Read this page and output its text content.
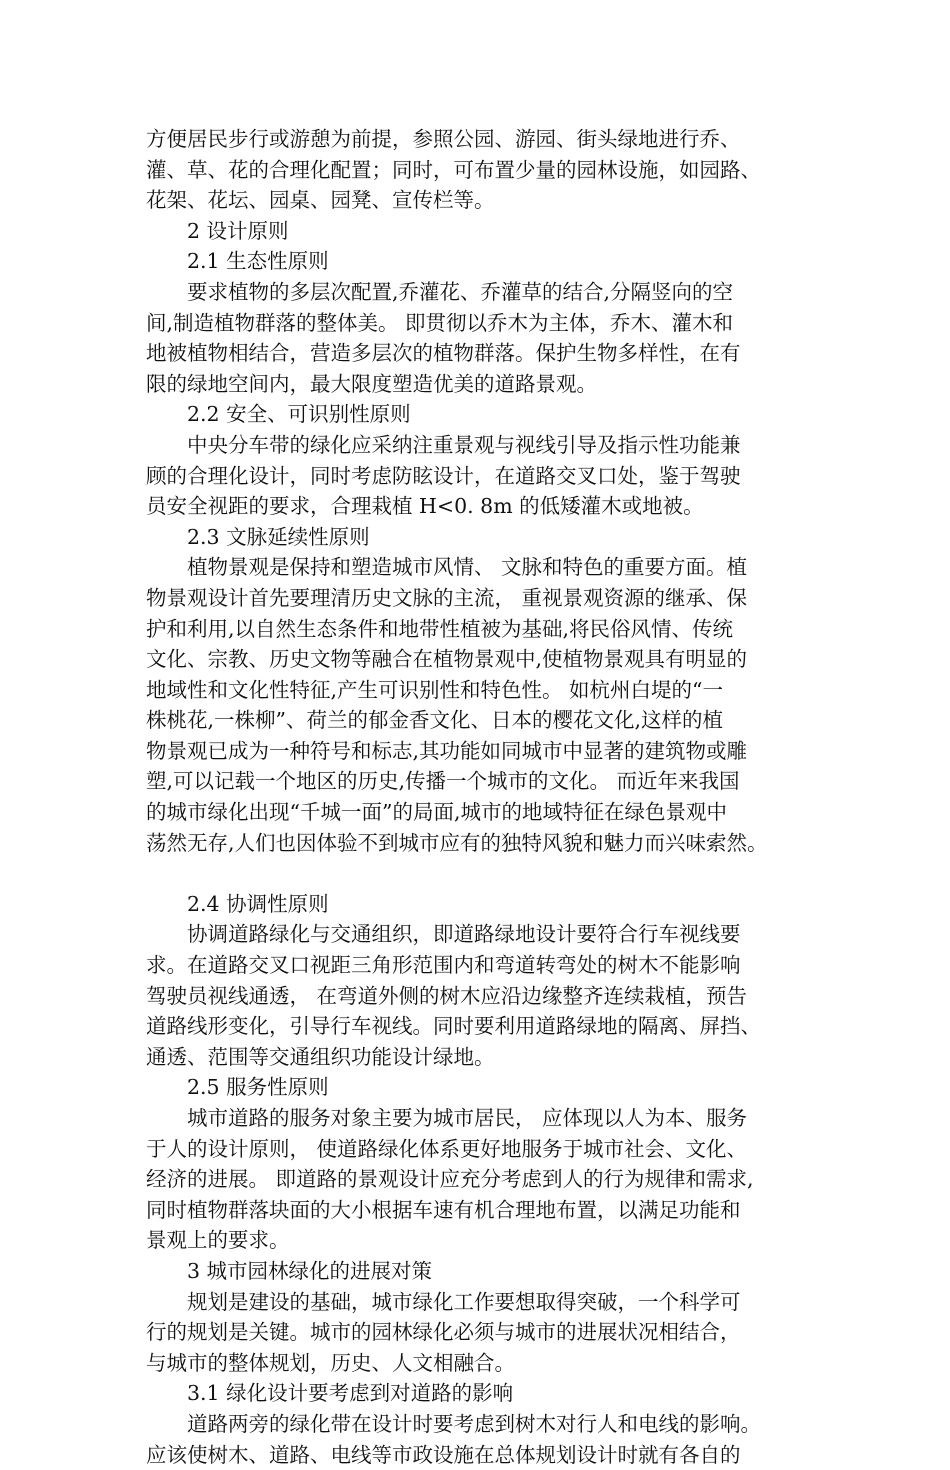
方便居民步行或游憩为前提，参照公园、游园、街头绿地进行乔、
灌、草、花的合理化配置；同时，可布置少量的园林设施，如园路、
花架、花坛、园桌、园凳、宣传栏等。
2 设计原则
2.1 生态性原则
要求植物的多层次配置,乔灌花、乔灌草的结合,分隔竖向的空
间,制造植物群落的整体美。 即贯彻以乔木为主体，乔木、灌木和
地被植物相结合，营造多层次的植物群落。保护生物多样性，在有
限的绿地空间内，最大限度塑造优美的道路景观。
2.2 安全、可识别性原则
中央分车带的绿化应采纳注重景观与视线引导及指示性功能兼
顾的合理化设计，同时考虑防眩设计，在道路交叉口处，鉴于驾驶
员安全视距的要求，合理栽植 H<0. 8m 的低矮灌木或地被。
2.3 文脉延续性原则
植物景观是保持和塑造城市风情、 文脉和特色的重要方面。植
物景观设计首先要理清历史文脉的主流， 重视景观资源的继承、保
护和利用,以自然生态条件和地带性植被为基础,将民俗风情、传统
文化、宗教、历史文物等融合在植物景观中,使植物景观具有明显的
地域性和文化性特征,产生可识别性和特色性。 如杭州白堤的“一
株桃花,一株柳”、荷兰的郁金香文化、日本的樱花文化,这样的植
物景观已成为一种符号和标志,其功能如同城市中显著的建筑物或雕
塑,可以记载一个地区的历史,传播一个城市的文化。 而近年来我国
的城市绿化出现“千城一面”的局面,城市的地域特征在绿色景观中
荡然无存,人们也因体验不到城市应有的独特风貌和魅力而兴味索然。
2.4 协调性原则
协调道路绿化与交通组织，即道路绿地设计要符合行车视线要
求。在道路交叉口视距三角形范围内和弯道转弯处的树木不能影响
驾驶员视线通透， 在弯道外侧的树木应沿边缘整齐连续栽植，预告
道路线形变化，引导行车视线。同时要利用道路绿地的隔离、屏挡、
通透、范围等交通组织功能设计绿地。
2.5 服务性原则
城市道路的服务对象主要为城市居民， 应体现以人为本、服务
于人的设计原则， 使道路绿化体系更好地服务于城市社会、文化、
经济的进展。 即道路的景观设计应充分考虑到人的行为规律和需求,
同时植物群落块面的大小根据车速有机合理地布置，以满足功能和
景观上的要求。
3 城市园林绿化的进展对策
规划是建设的基础，城市绿化工作要想取得突破，一个科学可
行的规划是关键。城市的园林绿化必须与城市的进展状况相结合，
与城市的整体规划，历史、人文相融合。
3.1 绿化设计要考虑到对道路的影响
道路两旁的绿化带在设计时要考虑到树木对行人和电线的影响。
应该使树木、道路、电线等市政设施在总体规划设计时就有各自的
